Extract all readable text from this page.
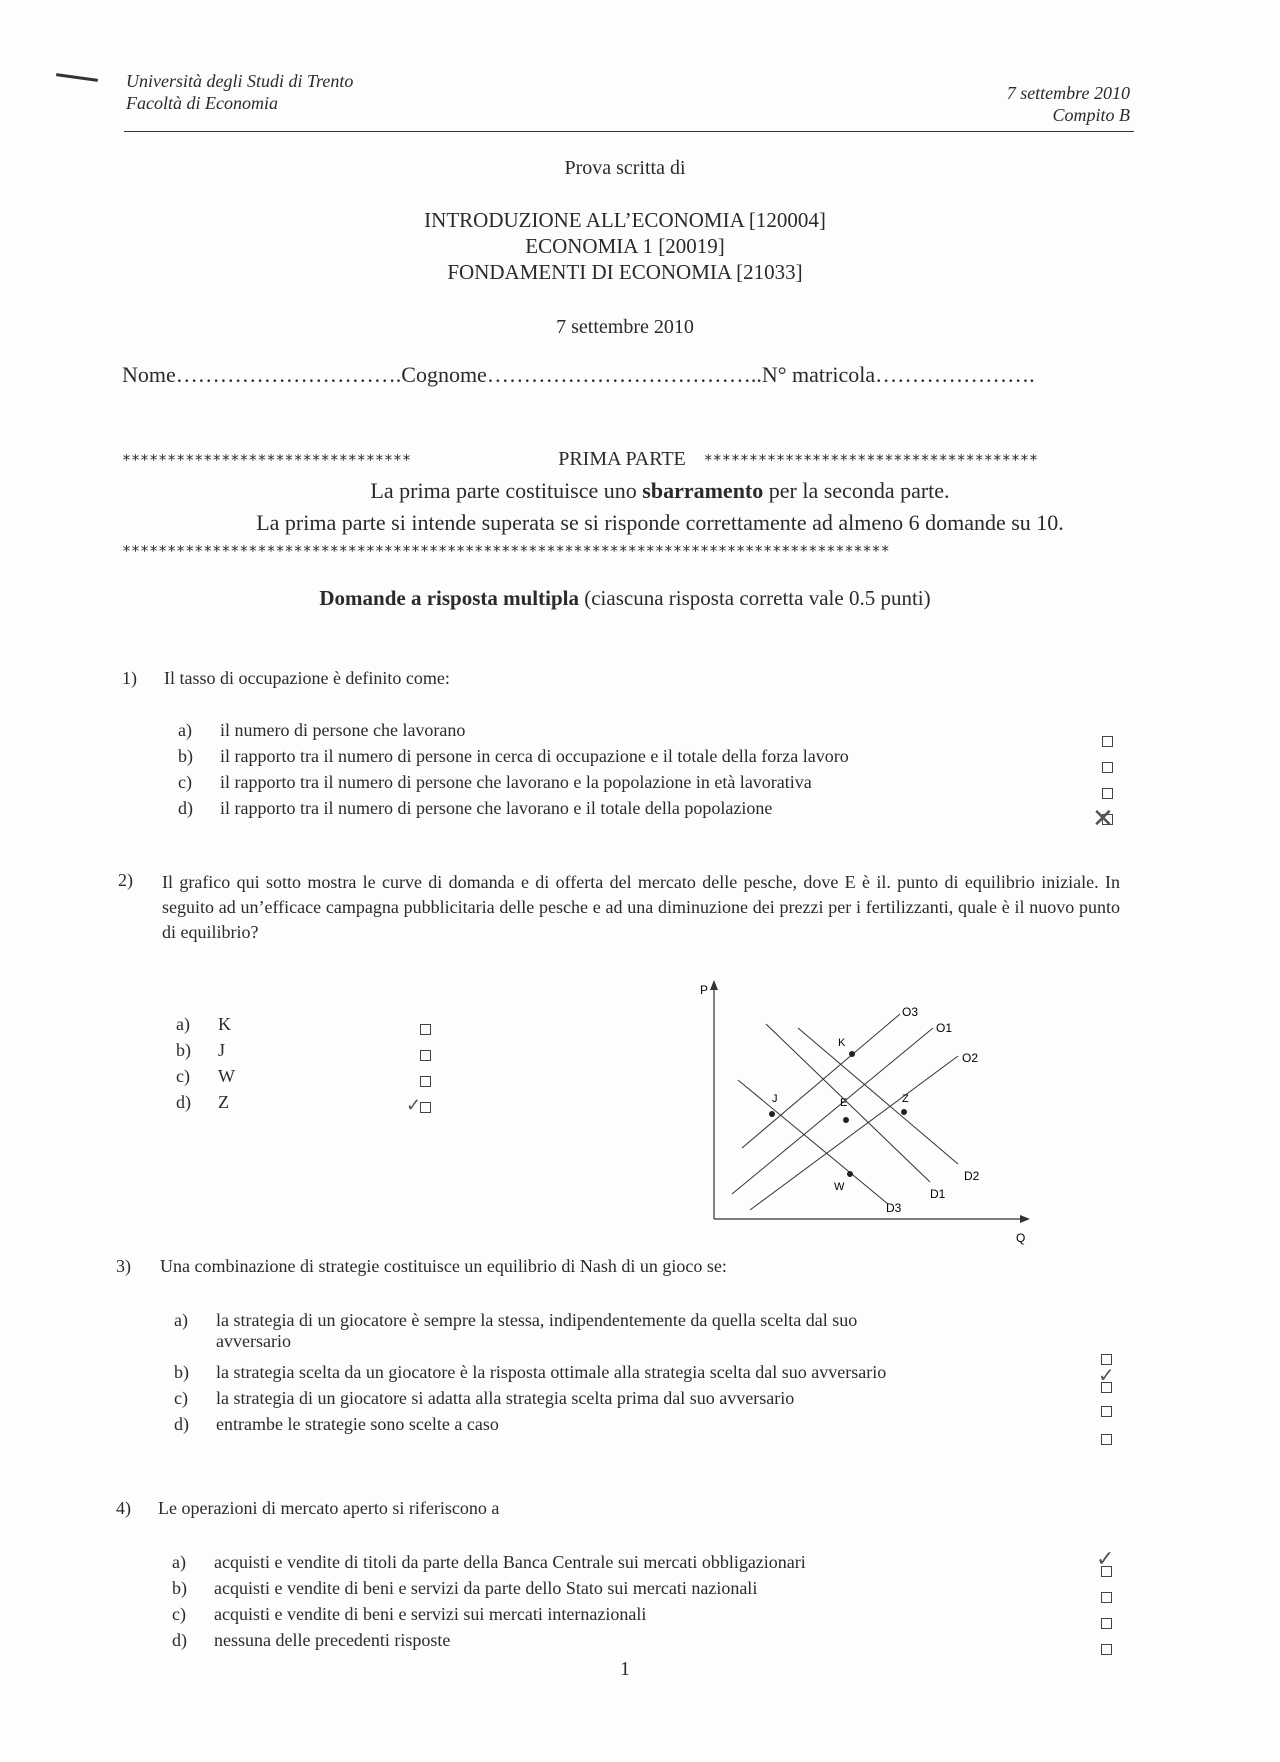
Università degli Studi di Trento
Facoltà di Economia	7 settembre 2010
Compito B
Prova scritta di
INTRODUZIONE ALL’ECONOMIA [120004]
ECONOMIA 1 [20019]
FONDAMENTI DI ECONOMIA [21033]
7 settembre 2010
Nome………………………….Cognome………………………………..N° matricola………………….
********************************	PRIMA PARTE *************************************
La prima parte costituisce uno sbarramento per la seconda parte.
La prima parte si intende superata se si risponde correttamente ad almeno 6 domande su 10.
*************************************************************************************
Domande a risposta multipla (ciascuna risposta corretta vale 0.5 punti)
1) Il tasso di occupazione è definito come:
a) il numero di persone che lavorano
b) il rapporto tra il numero di persone in cerca di occupazione e il totale della forza lavoro
c) il rapporto tra il numero di persone che lavorano e la popolazione in età lavorativa
d) il rapporto tra il numero di persone che lavorano e il totale della popolazione	✕
2) Il grafico qui sotto mostra le curve di domanda e di offerta del mercato delle pesche, dove E è il. punto di equilibrio iniziale. In seguito ad un’efficace campagna pubblicitaria delle pesche e ad una diminuzione dei prezzi per i fertilizzanti, quale è il nuovo punto di equilibrio?
a) K
b) J
c) W
d) Z	✓
P
Q
O3
O1
O2
D1
D2
D3
K
J	E	Z
W
3) Una combinazione di strategie costituisce un equilibrio di Nash di un gioco se:
a) la strategia di un giocatore è sempre la stessa, indipendentemente da quella scelta dal suo
avversario
b) la strategia scelta da un giocatore è la risposta ottimale alla strategia scelta dal suo avversario
c) la strategia di un giocatore si adatta alla strategia scelta prima dal suo avversario
d) entrambe le strategie sono scelte a caso
✓
4) Le operazioni di mercato aperto si riferiscono a
a) acquisti e vendite di titoli da parte della Banca Centrale sui mercati obbligazionari
b) acquisti e vendite di beni e servizi da parte dello Stato sui mercati nazionali
c) acquisti e vendite di beni e servizi sui mercati internazionali
d) nessuna delle precedenti risposte
✓
1
